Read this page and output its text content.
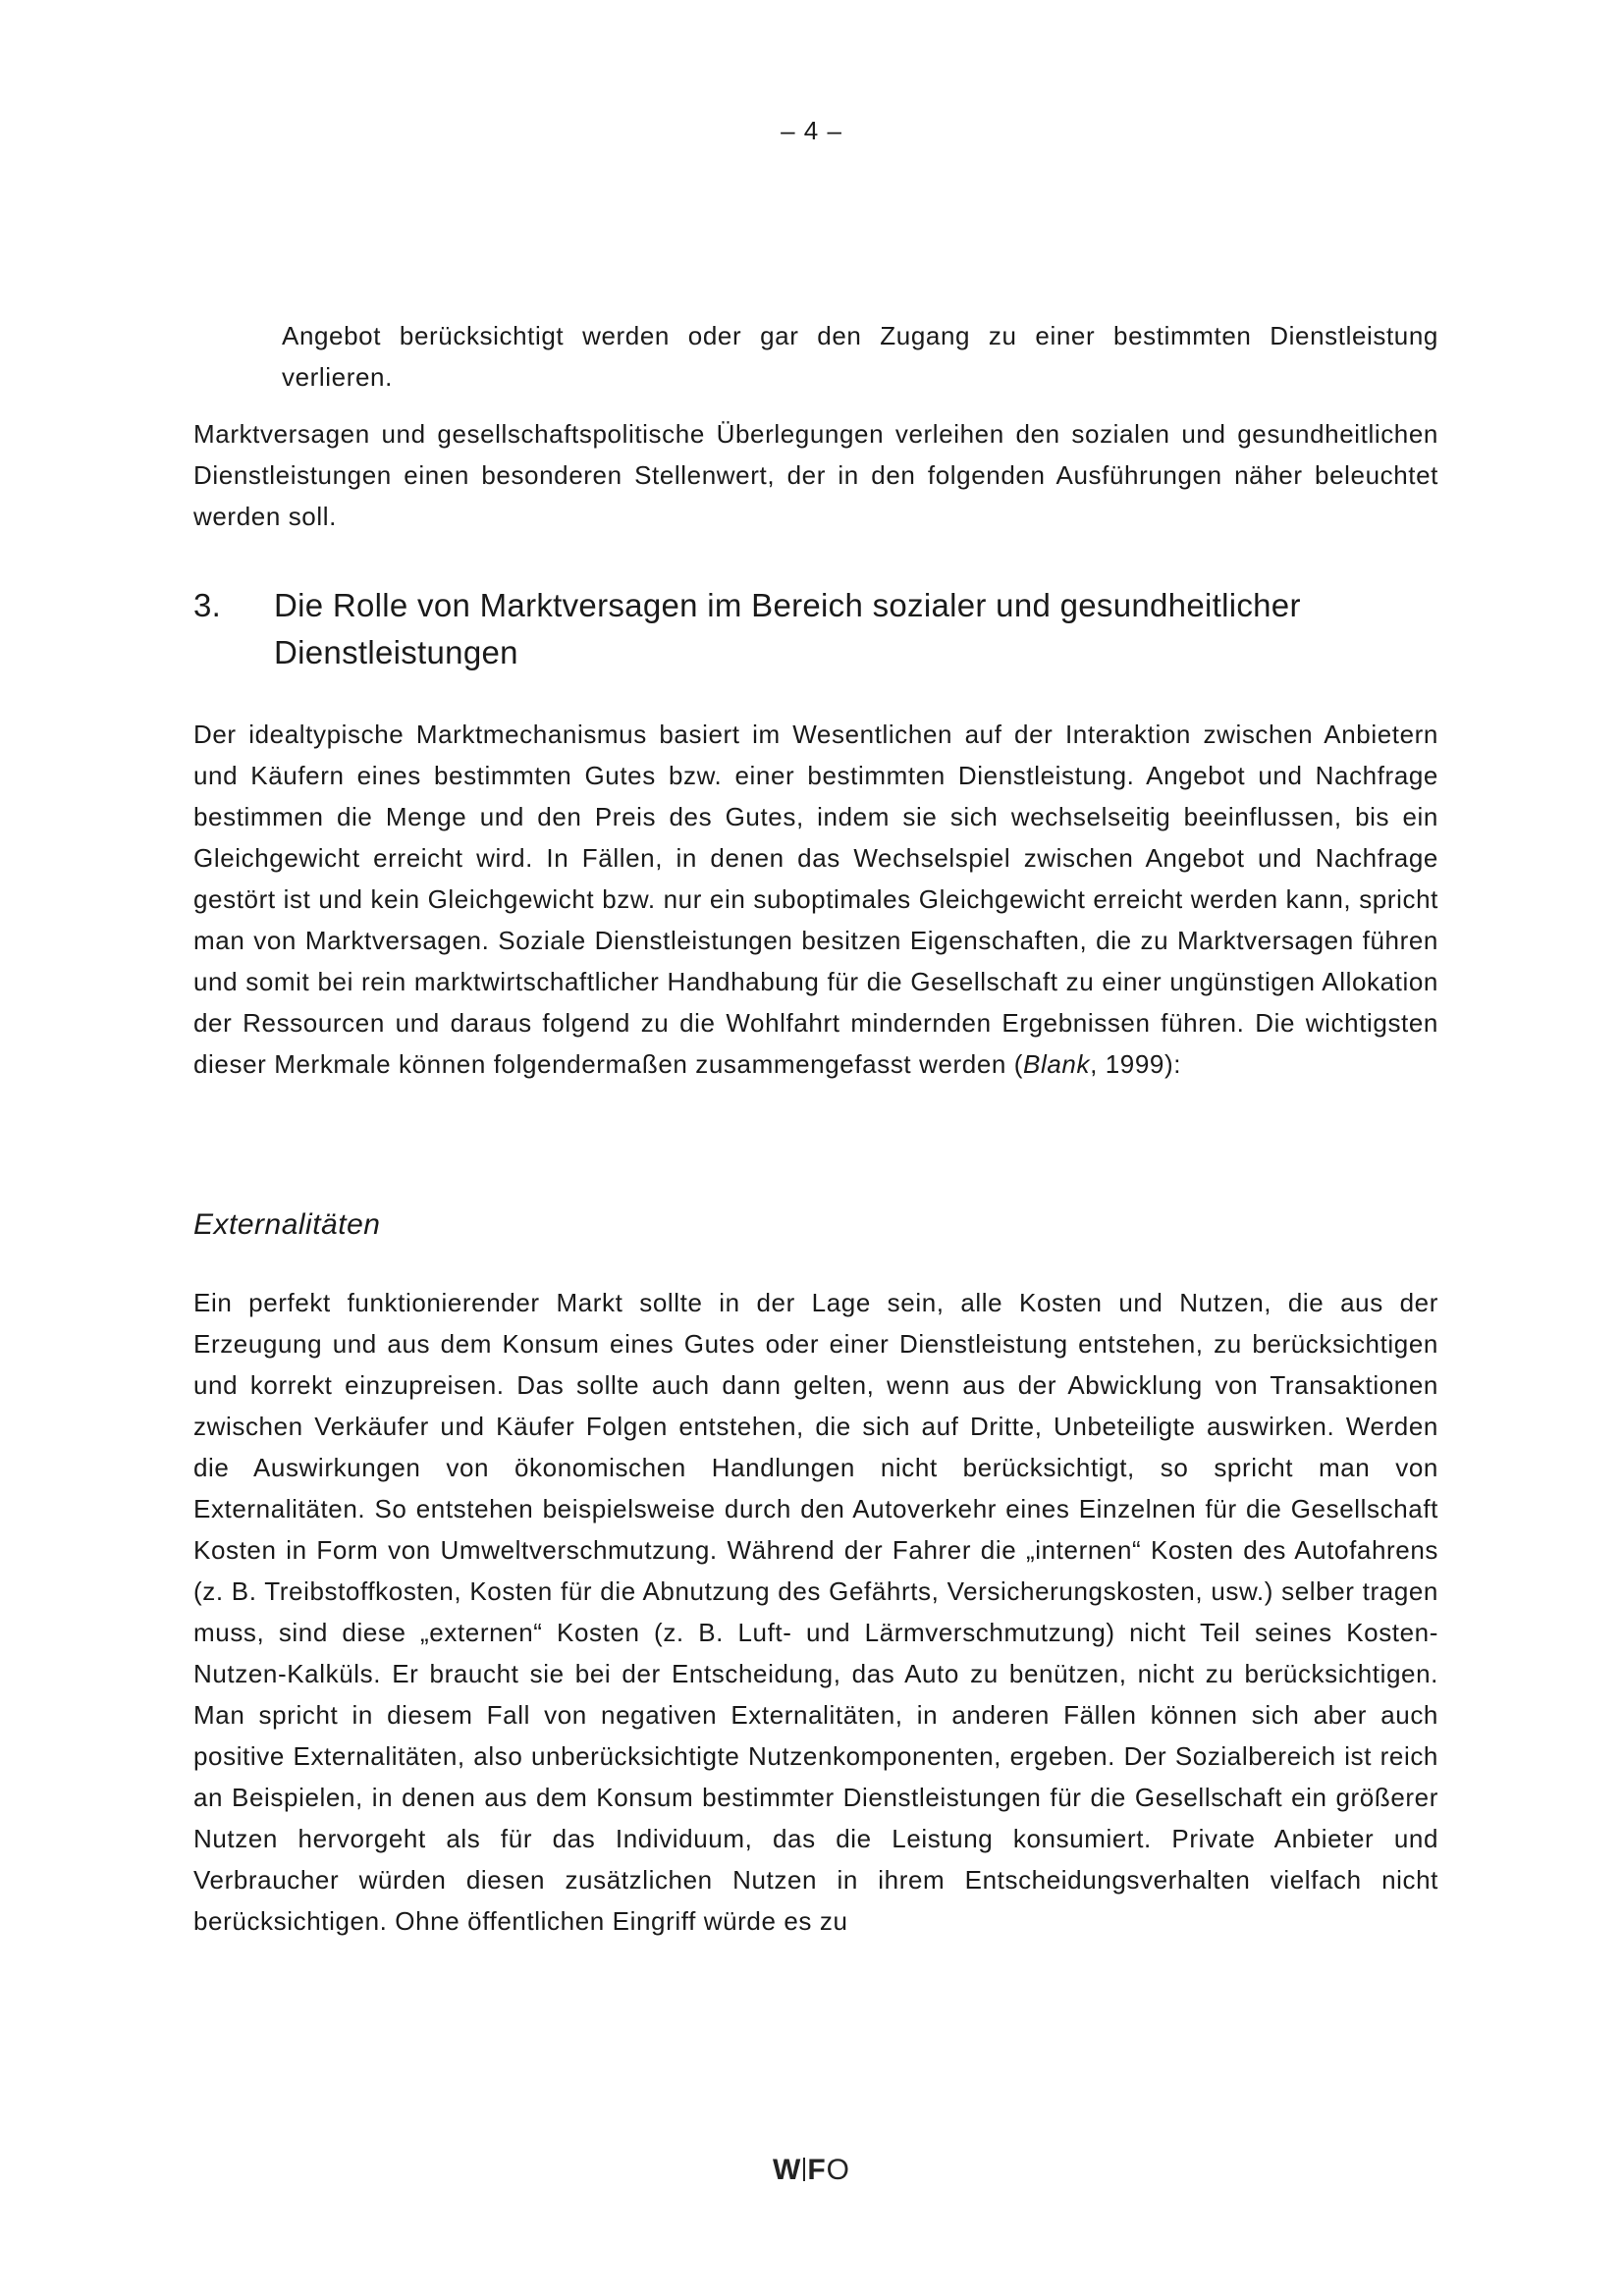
– 4 –

Angebot berücksichtigt werden oder gar den Zugang zu einer bestimmten Dienstleistung verlieren.

Marktversagen und gesellschaftspolitische Überlegungen verleihen den sozialen und gesundheitlichen Dienstleistungen einen besonderen Stellenwert, der in den folgenden Ausführungen näher beleuchtet werden soll.

3. Die Rolle von Marktversagen im Bereich sozialer und gesundheitlicher Dienstleistungen

Der idealtypische Marktmechanismus basiert im Wesentlichen auf der Interaktion zwischen Anbietern und Käufern eines bestimmten Gutes bzw. einer bestimmten Dienstleistung. Angebot und Nachfrage bestimmen die Menge und den Preis des Gutes, indem sie sich wechselseitig beeinflussen, bis ein Gleichgewicht erreicht wird. In Fällen, in denen das Wechselspiel zwischen Angebot und Nachfrage gestört ist und kein Gleichgewicht bzw. nur ein suboptimales Gleichgewicht erreicht werden kann, spricht man von Marktversagen. Soziale Dienstleistungen besitzen Eigenschaften, die zu Marktversagen führen und somit bei rein marktwirtschaftlicher Handhabung für die Gesellschaft zu einer ungünstigen Allokation der Ressourcen und daraus folgend zu die Wohlfahrt mindernden Ergebnissen führen. Die wichtigsten dieser Merkmale können folgendermaßen zusammengefasst werden (Blank, 1999):

Externalitäten

Ein perfekt funktionierender Markt sollte in der Lage sein, alle Kosten und Nutzen, die aus der Erzeugung und aus dem Konsum eines Gutes oder einer Dienstleistung entstehen, zu berücksichtigen und korrekt einzupreisen. Das sollte auch dann gelten, wenn aus der Abwicklung von Transaktionen zwischen Verkäufer und Käufer Folgen entstehen, die sich auf Dritte, Unbeteiligte auswirken. Werden die Auswirkungen von ökonomischen Handlungen nicht berücksichtigt, so spricht man von Externalitäten. So entstehen beispielsweise durch den Autoverkehr eines Einzelnen für die Gesellschaft Kosten in Form von Umweltverschmutzung. Während der Fahrer die „internen“ Kosten des Autofahrens (z. B. Treibstoffkosten, Kosten für die Abnutzung des Gefährts, Versicherungskosten, usw.) selber tragen muss, sind diese „externen“ Kosten (z. B. Luft- und Lärmverschmutzung) nicht Teil seines Kosten-Nutzen-Kalküls. Er braucht sie bei der Entscheidung, das Auto zu benützen, nicht zu berücksichtigen. Man spricht in diesem Fall von negativen Externalitäten, in anderen Fällen können sich aber auch positive Externalitäten, also unberücksichtigte Nutzenkomponenten, ergeben. Der Sozialbereich ist reich an Beispielen, in denen aus dem Konsum bestimmter Dienstleistungen für die Gesellschaft ein größerer Nutzen hervorgeht als für das Individuum, das die Leistung konsumiert. Private Anbieter und Verbraucher würden diesen zusätzlichen Nutzen in ihrem Entscheidungsverhalten vielfach nicht berücksichtigen. Ohne öffentlichen Eingriff würde es zu

W FO
